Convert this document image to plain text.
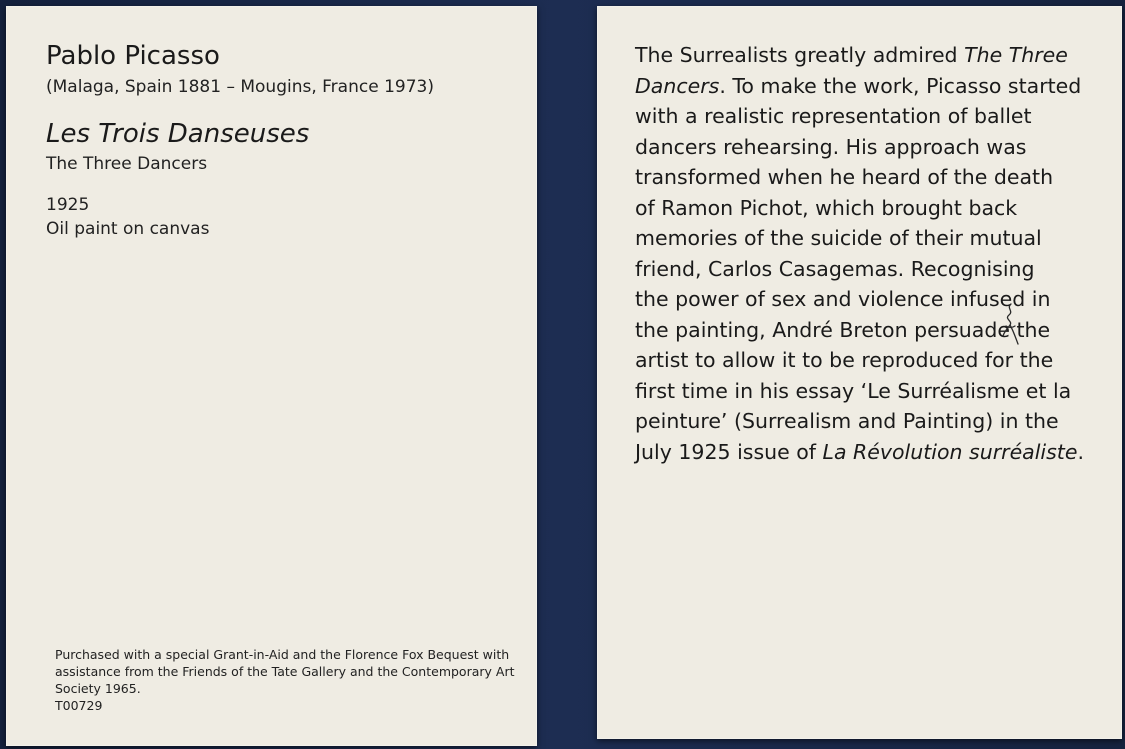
Pablo Picasso
(Malaga, Spain 1881 – Mougins, France 1973)
Les Trois Danseuses
The Three Dancers
1925
Oil paint on canvas
Purchased with a special Grant-in-Aid and the Florence Fox Bequest with
assistance from the Friends of the Tate Gallery and the Contemporary Art
Society 1965.
T00729
The Surrealists greatly admired The Three
Dancers. To make the work, Picasso started
with a realistic representation of ballet
dancers rehearsing. His approach was
transformed when he heard of the death
of Ramon Pichot, which brought back
memories of the suicide of their mutual
friend, Carlos Casagemas. Recognising
the power of sex and violence infused in
the painting, André Breton persuade the
artist to allow it to be reproduced for the
first time in his essay ‘Le Surréalisme et la
peinture’ (Surrealism and Painting) in the
July 1925 issue of La Révolution surréaliste.
